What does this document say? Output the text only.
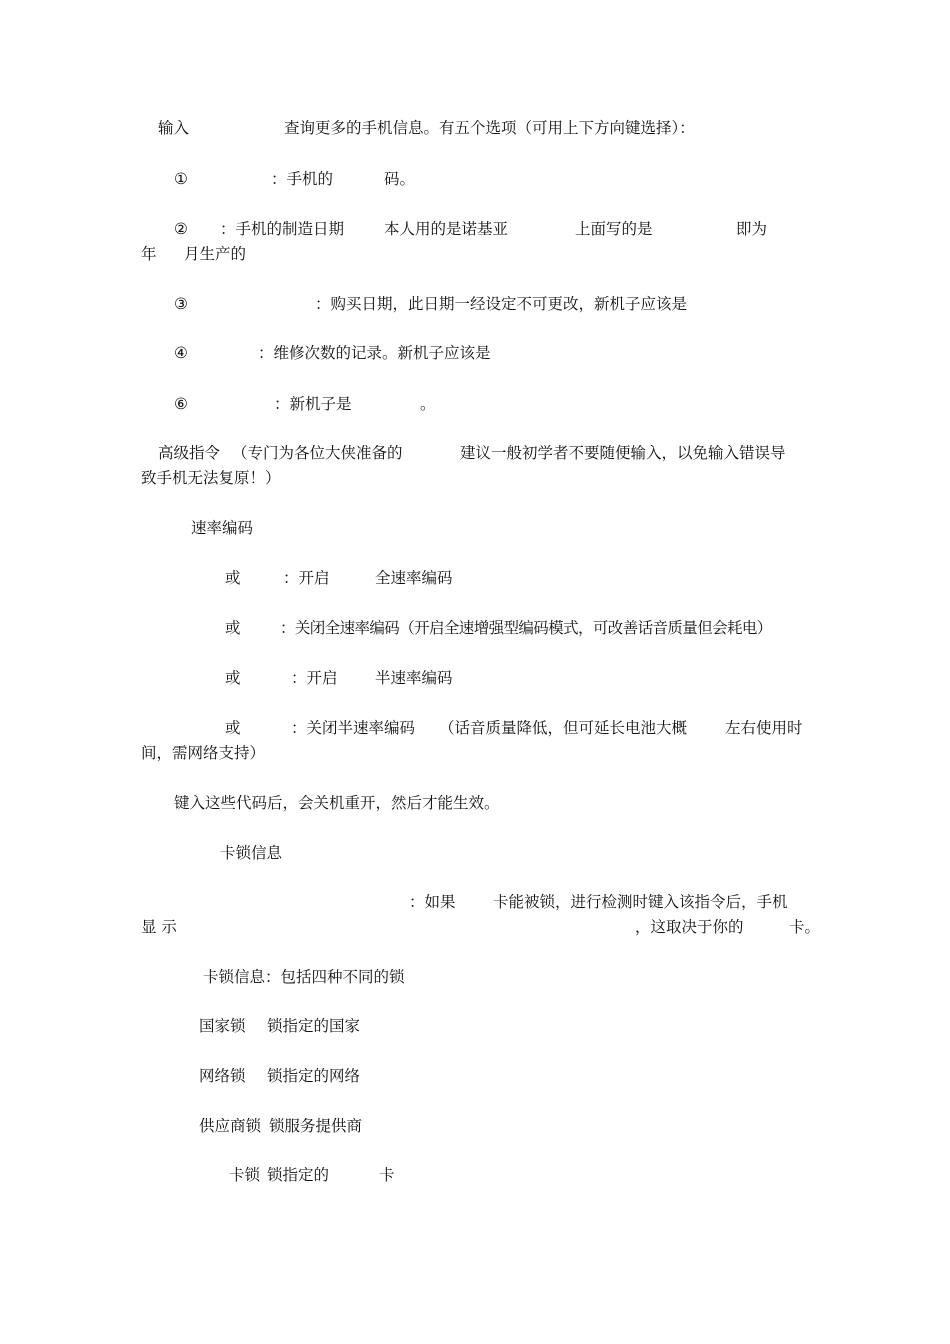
输入	查询更多的手机信息。有五个选项（可用上下方向键选择）：
①	：手机的	码。
② ：手机的制造日期	本人用的是诺基亚	上面写的是	即为
年 月生产的
③	：购买日期，此日期一经设定不可更改，新机子应该是
④	：维修次数的记录。新机子应该是
⑥	：新机子是	。
高级指令 （专门为各位大侠准备的	建议一般初学者不要随便输入，以免输入错误导
致手机无法复原！）
速率编码
或	：开启	全速率编码
或	：关闭全速率编码（开启全速增强型编码模式，可改善话音质量但会耗电）
或	：开启 半速率编码
或	：关闭半速率编码 （话音质量降低，但可延长电池大概 左右使用时
间，需网络支持）
键入这些代码后，会关机重开，然后才能生效。
卡锁信息
：如果 卡能被锁，进行检测时键入该指令后，手机
显 示	，这取决于你的	卡。
卡锁信息：包括四种不同的锁
国家锁 锁指定的国家
网络锁 锁指定的网络
供应商锁 锁服务提供商
卡锁 锁指定的	卡
